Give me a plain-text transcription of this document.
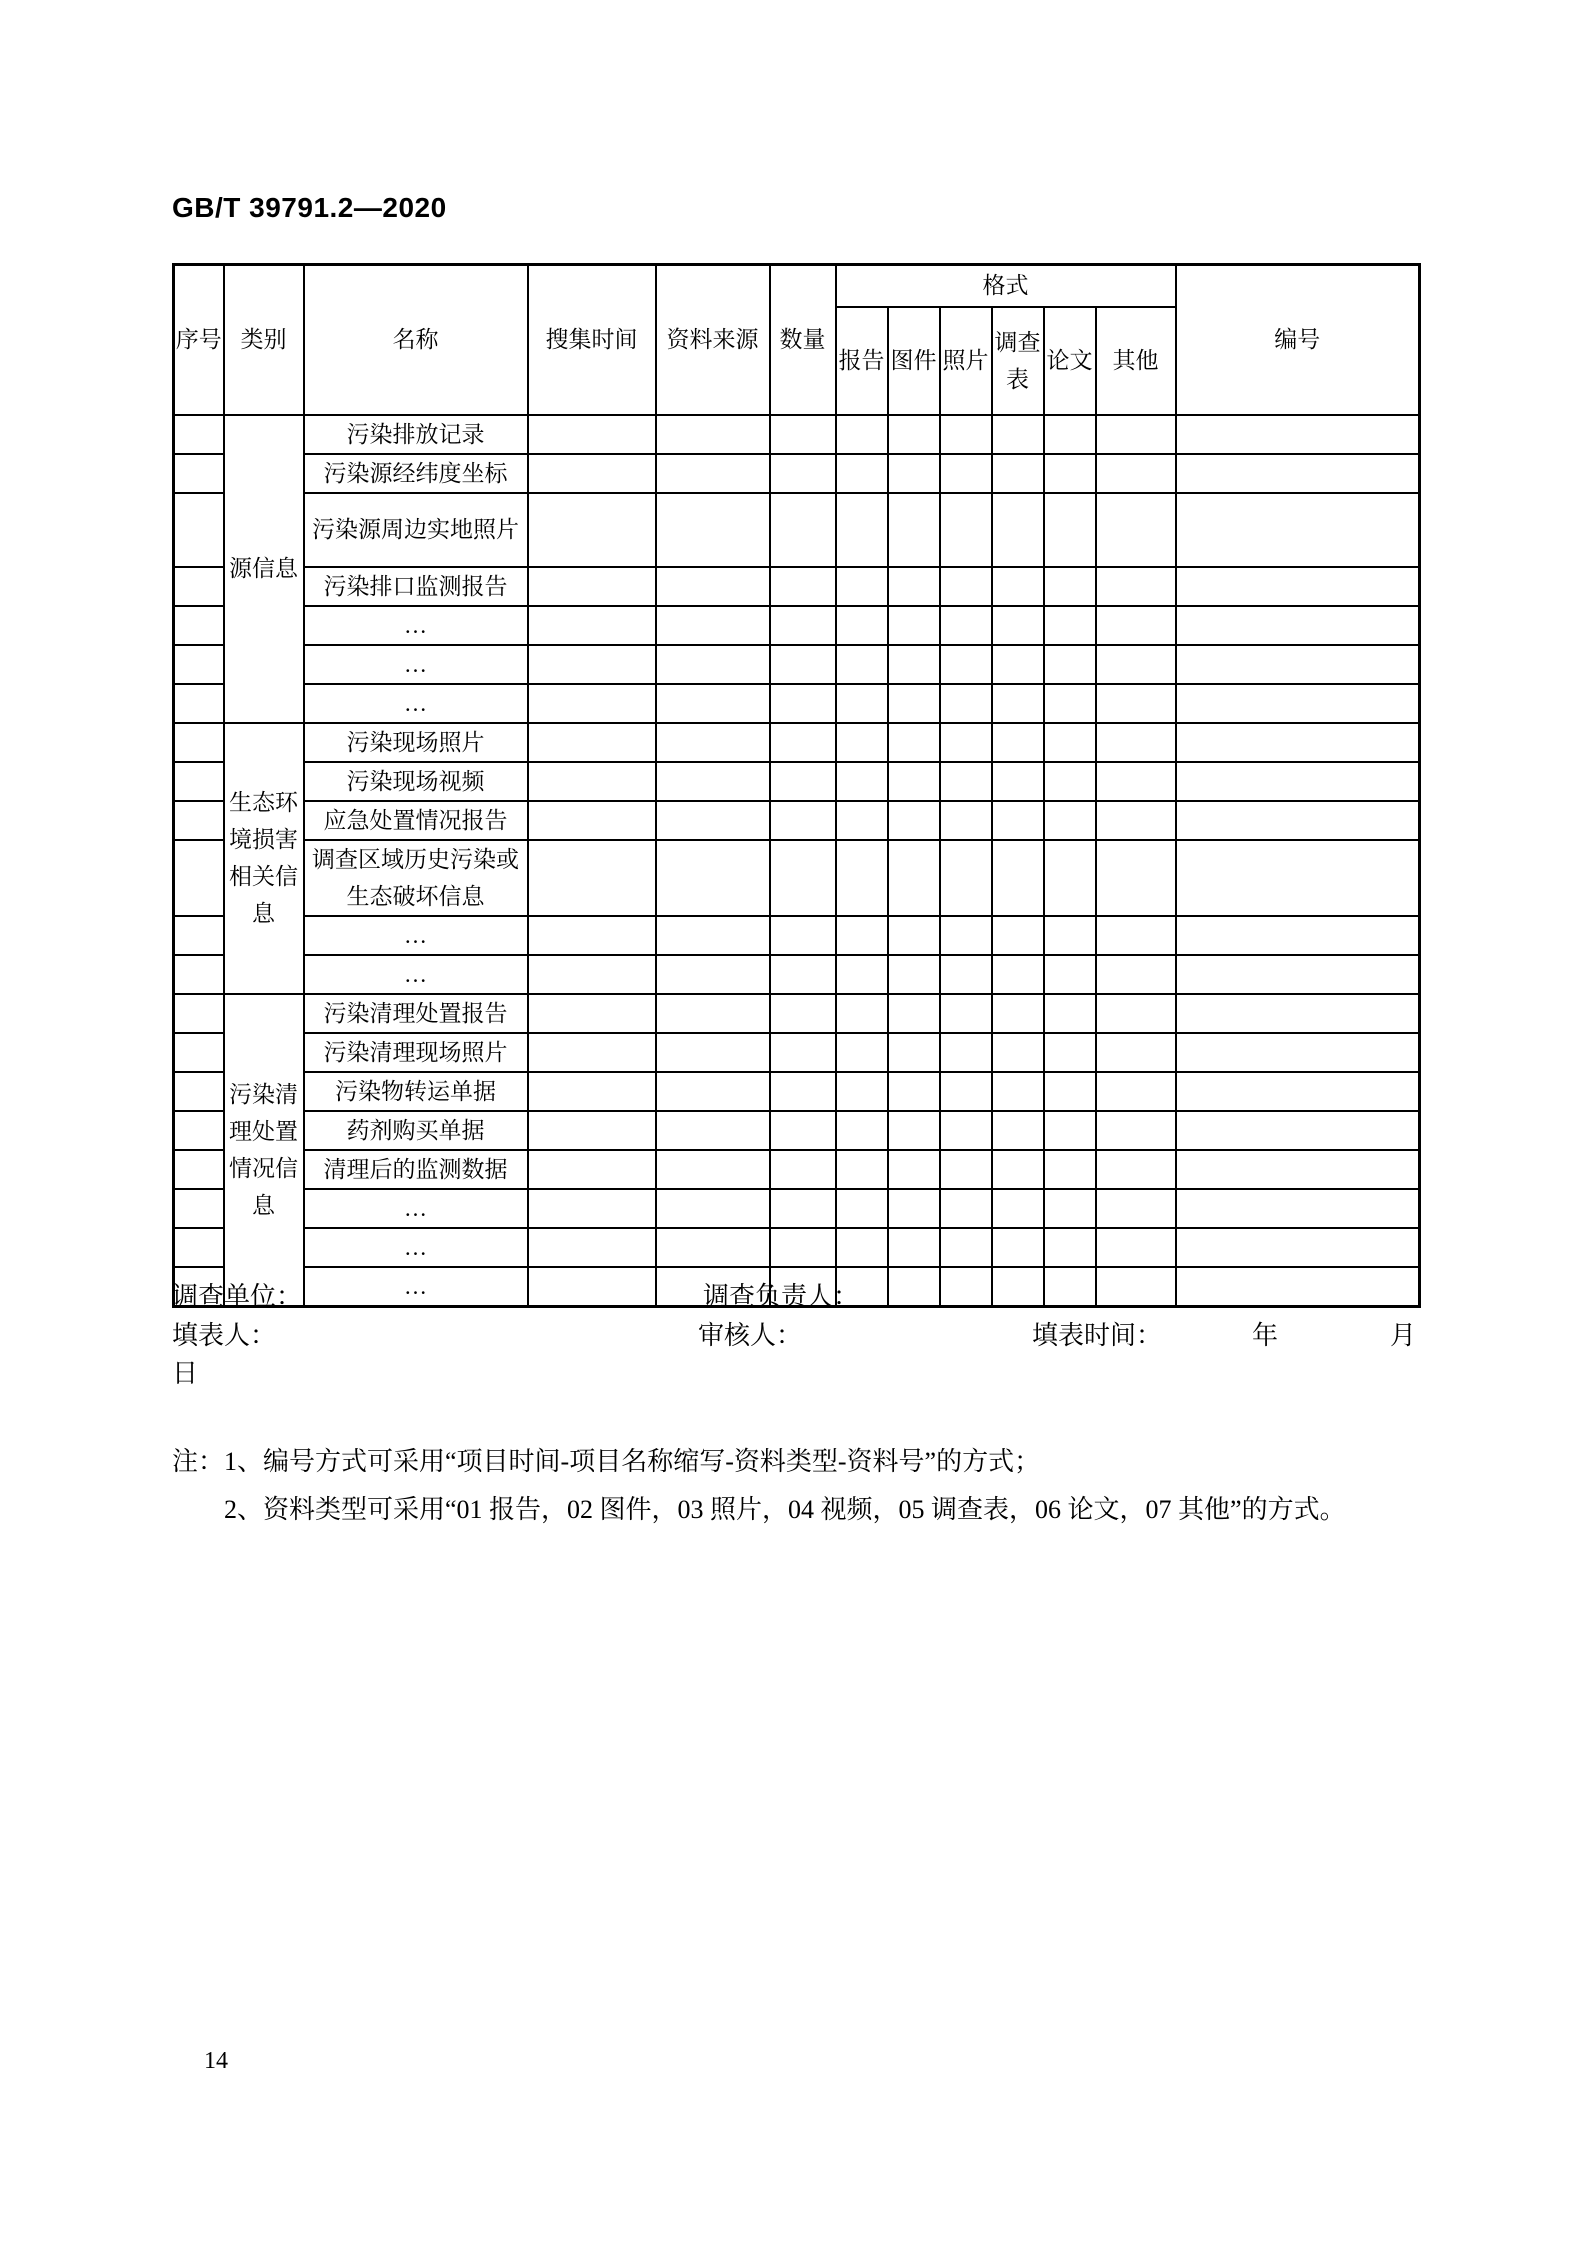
GB/T 39791.2—2020
序号	类别	名称	搜集时间	资料来源	数量	格式						编号
						报告	图件	照片	调查表	论文	其他	
	源信息	污染排放记录										
		污染源经纬度坐标										
		污染源周边实地照片										
		污染排口监测报告										
		…										
		…										
		…										
	生态环境损害相关信息	污染现场照片										
		污染现场视频										
		应急处置情况报告										
		调查区域历史污染或生态破坏信息										
		…										
		…										
	污染清理处置情况信息	污染清理处置报告										
		污染清理现场照片										
		污染物转运单据										
		药剂购买单据										
		清理后的监测数据										
		…										
		…										
		…										
调查单位：	调查负责人：
填表人：	审核人：	填表时间：	年	月
日
注：1、编号方式可采用“项目时间-项目名称缩写-资料类型-资料号”的方式；
2、资料类型可采用“01 报告，02 图件，03 照片，04 视频，05 调查表，06 论文，07 其他”的方式。
14
